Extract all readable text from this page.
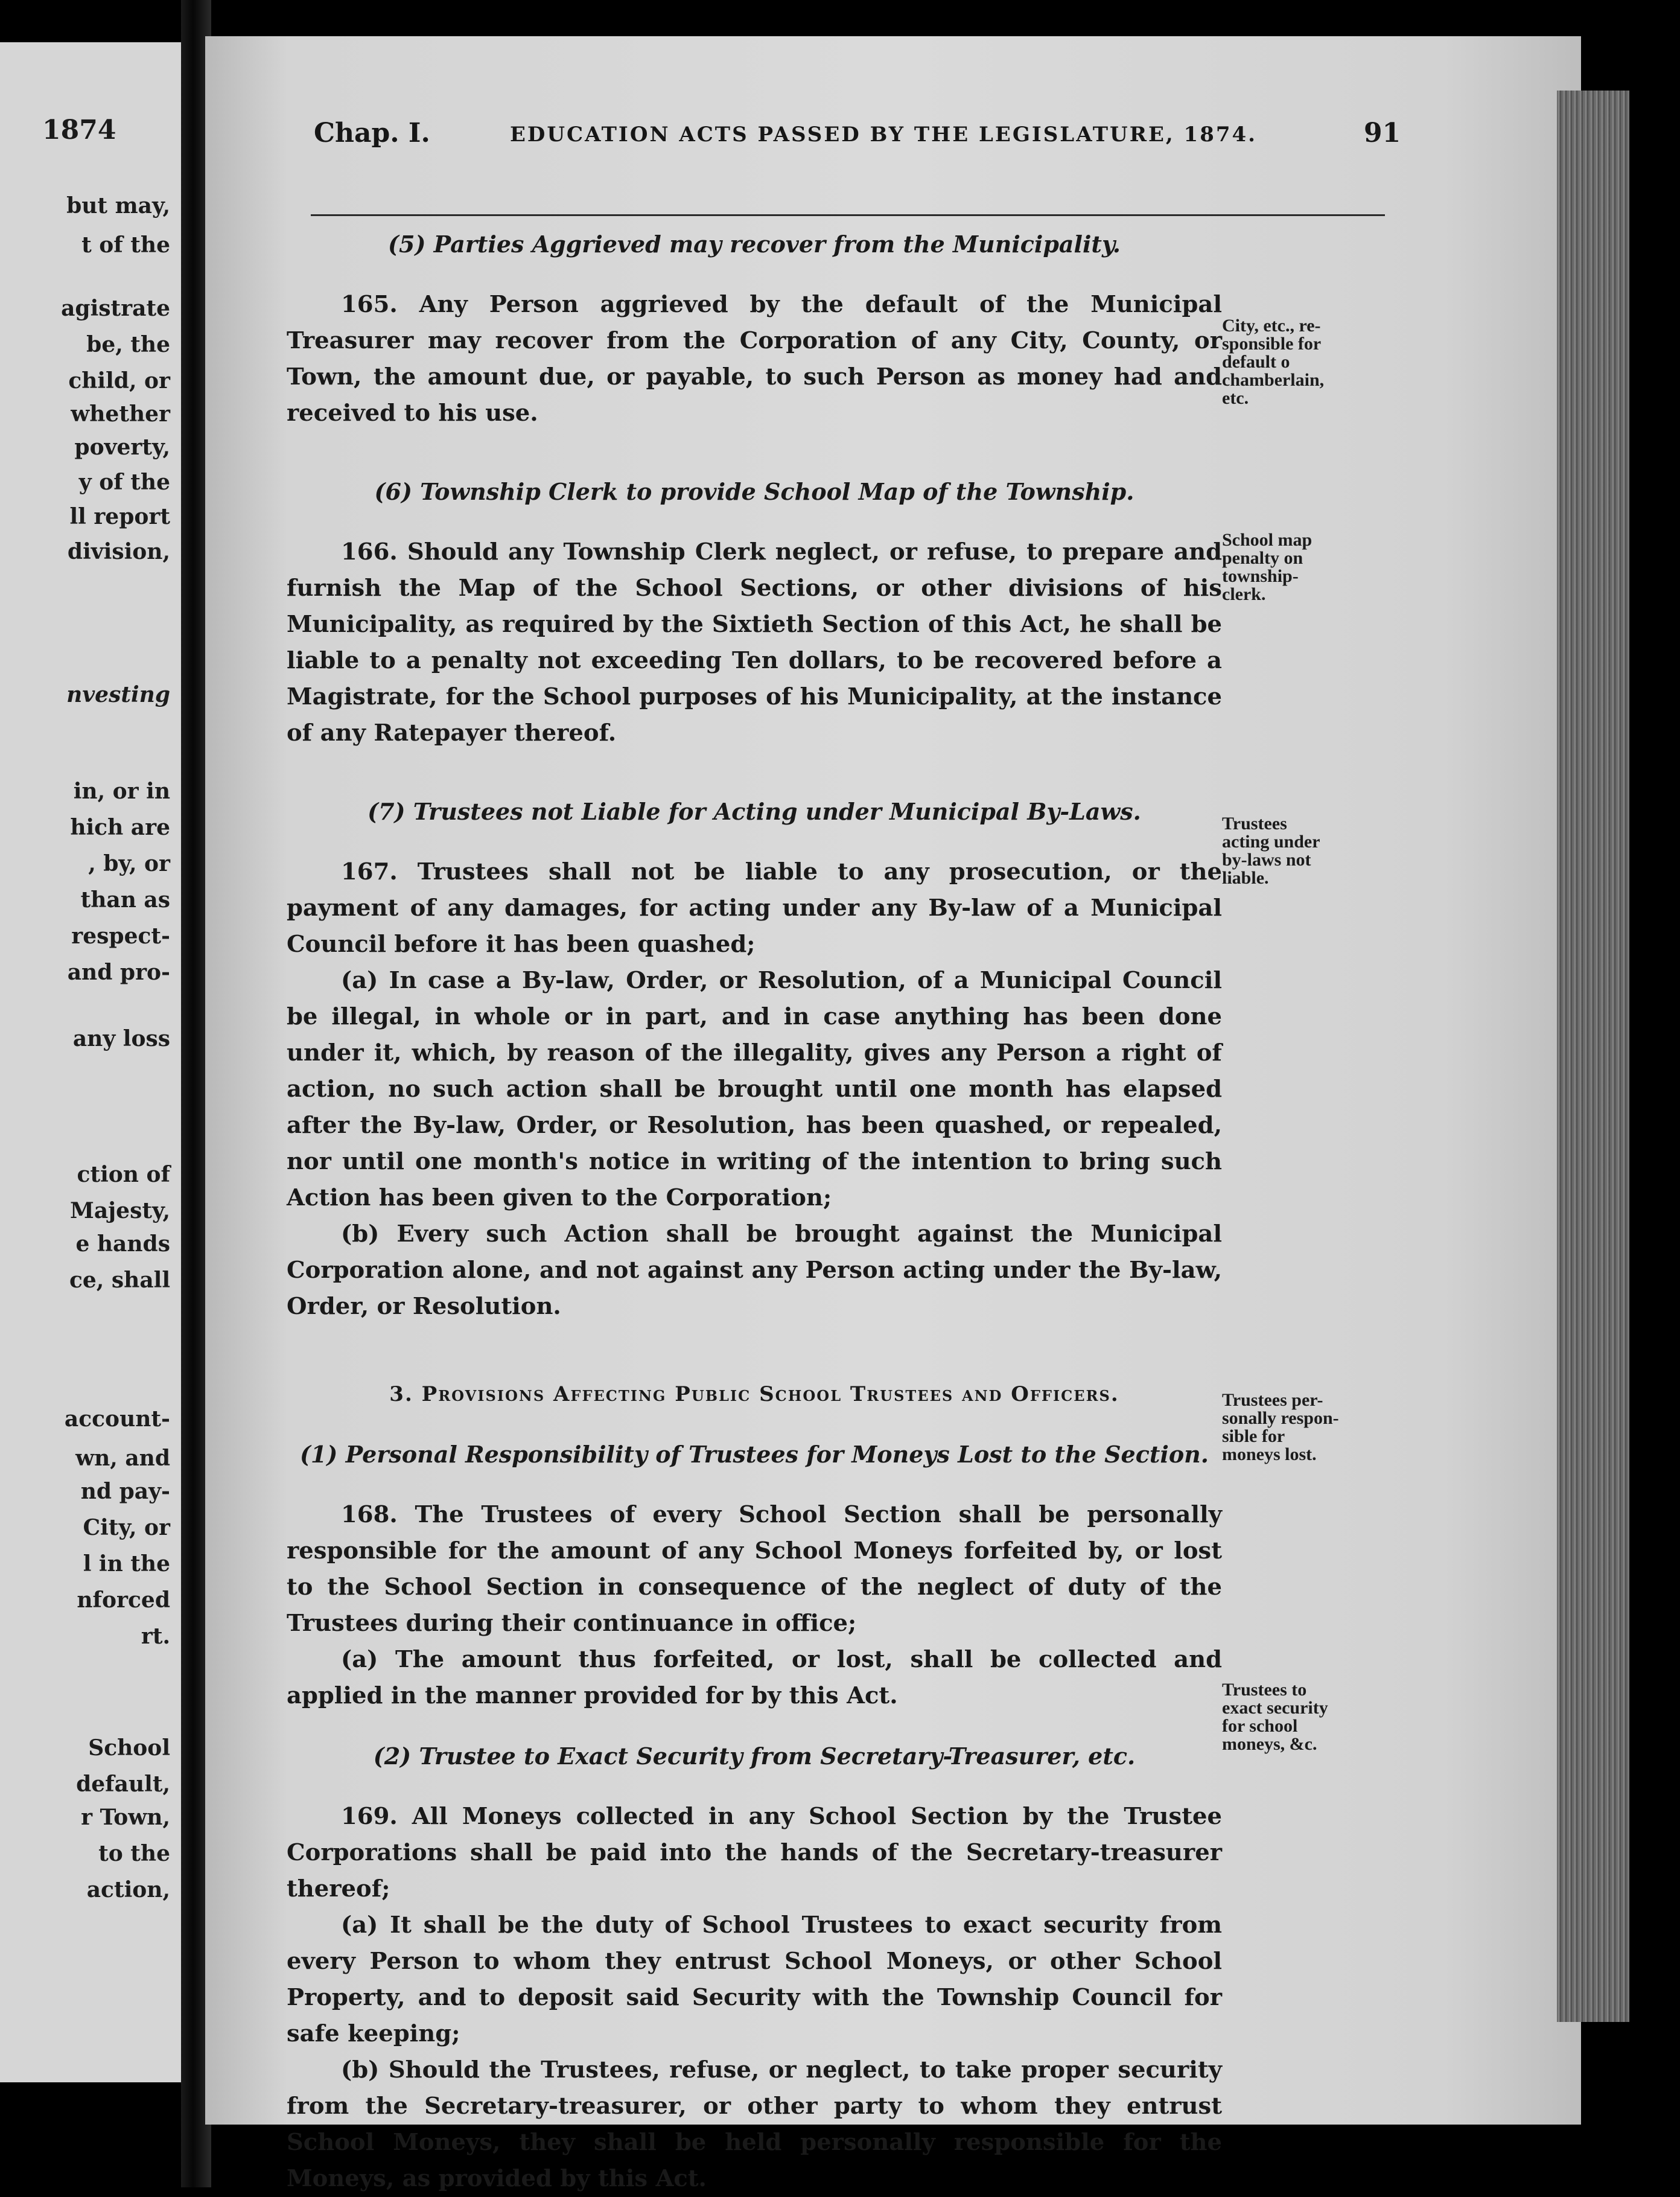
1874
but may,
t of the
agistrate
be, the
child, or
whether
poverty,
y of the
ll report
division,
nvesting
in, or in
hich are
, by, or
than as
respect-
and pro-
any loss
ction of
Majesty,
e hands
ce, shall
account-
wn, and
nd pay-
City, or
l in the
nforced
rt.
School
default,
r Town,
to the
action,
Chap. I.	EDUCATION ACTS PASSED BY THE LEGISLATURE, 1874.	91
(5) Parties Aggrieved may recover from the Municipality.

165. Any Person aggrieved by the default of the Municipal Treasurer may recover from the Corporation of any City, County, or Town, the amount due, or payable, to such Person as money had and received to his use.

(6) Township Clerk to provide School Map of the Township.

166. Should any Township Clerk neglect, or refuse, to prepare and furnish the Map of the School Sections, or other divisions of his Municipality, as required by the Sixtieth Section of this Act, he shall be liable to a penalty not exceeding Ten dollars, to be recovered before a Magistrate, for the School purposes of his Municipality, at the instance of any Ratepayer thereof.

(7) Trustees not Liable for Acting under Municipal By-Laws.

167. Trustees shall not be liable to any prosecution, or the payment of any damages, for acting under any By-law of a Municipal Council before it has been quashed;

(a) In case a By-law, Order, or Resolution, of a Municipal Council be illegal, in whole or in part, and in case anything has been done under it, which, by reason of the illegality, gives any Person a right of action, no such action shall be brought until one month has elapsed after the By-law, Order, or Resolution, has been quashed, or repealed, nor until one month's notice in writing of the intention to bring such Action has been given to the Corporation;

(b) Every such Action shall be brought against the Municipal Corporation alone, and not against any Person acting under the By-law, Order, or Resolution.

3. Provisions Affecting Public School Trustees and Officers.
(1) Personal Responsibility of Trustees for Moneys Lost to the Section.

168. The Trustees of every School Section shall be personally responsible for the amount of any School Moneys forfeited by, or lost to the School Section in consequence of the neglect of duty of the Trustees during their continuance in office;

(a) The amount thus forfeited, or lost, shall be collected and applied in the manner provided for by this Act.

(2) Trustee to Exact Security from Secretary-Treasurer, etc.

169. All Moneys collected in any School Section by the Trustee Corporations shall be paid into the hands of the Secretary-treasurer thereof;

(a) It shall be the duty of School Trustees to exact security from every Person to whom they entrust School Moneys, or other School Property, and to deposit said Security with the Township Council for safe keeping;

(b) Should the Trustees, refuse, or neglect, to take proper security from the Secretary-treasurer, or other party to whom they entrust School Moneys, they shall be held personally responsible for the Moneys, as provided by this Act.

City, etc., re-
sponsible for
default o
chamberlain,
etc.
School map
penalty on
township-
clerk.
Trustees
acting under
by-laws not
liable.
Trustees per-
sonally respon-
sible for
moneys lost.
Trustees to
exact security
for school
moneys, &c.
